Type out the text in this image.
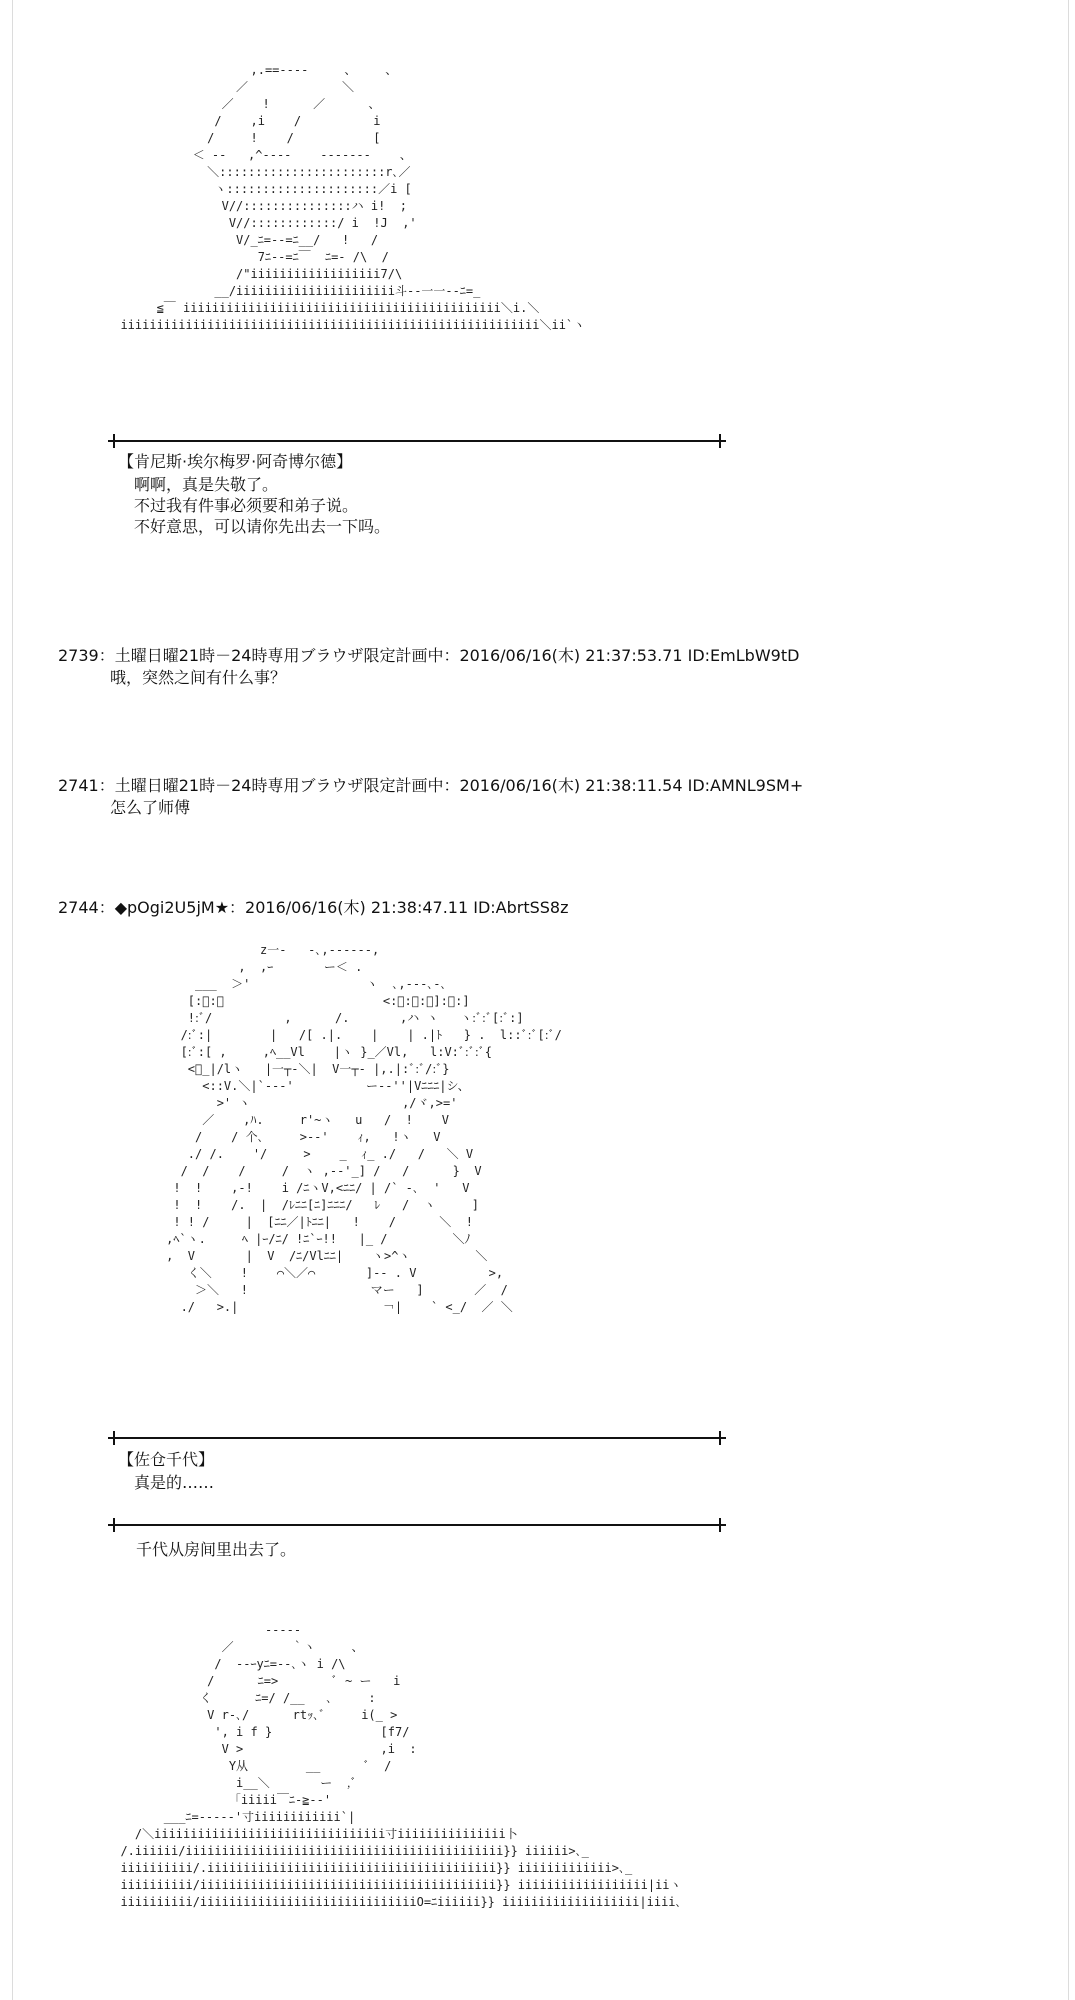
,.==----     、    、
／             ＼
／    !      ／      、
/    ,i    /          i
/     !    /           [
＜ --   ,^----    -------    、
＼:::::::::::::::::::::::r､／
ヽ:::::::::::::::::::::／i [
V//:::::::::::::::ハ i!  ;
V//::::::::::::/ i  !J  ,'
V/_ﾆ=--=ﾆ__/   !   /
7ﾆ--=ﾆ￣  ﾆ=- /\  /
/"iiiiiiiiiiiiiiiiii7/\
__/iiiiiiiiiiiiiiiiiiiiii斗--一一--ﾆ=_
≦￣ iiiiiiiiiiiiiiiiiiiiiiiiiiiiiiiiiiiiiiiiiiii＼i.＼
iiiiiiiiiiiiiiiiiiiiiiiiiiiiiiiiiiiiiiiiiiiiiiiiiiiiiiiiii＼ii`ヽ
【肯尼斯·埃尔梅罗·阿奇博尔德】
啊啊，真是失敬了。
不过我有件事必须要和弟子说。
不好意思，可以请你先出去一下吗。
2739：土曜日曜21時－24時専用ブラウザ限定計画中：2016/06/16(木) 21:37:53.71 ID:EmLbW9tD
哦，突然之间有什么事？
2741：土曜日曜21時－24時専用ブラウザ限定計画中：2016/06/16(木) 21:38:11.54 ID:AMNL9SM+
怎么了师傅
2744：◆pOgi2U5jM★：2016/06/16(木) 21:38:47.11 ID:AbrtSS8z
z一-   -､,------,
,  ,ｰ       ー＜ .
___  ＞'                ヽ  ､,---､-､
[:ﾞ:／                      <:ﾞ:ﾞ:ﾞ]:ﾞ:]
!:ﾞ/          ,      /.       ,ハ ヽ   ヽ:ﾞ:ﾞ[:ﾞ:]
/:ﾞ:|        |   /[ .|.    |    | .|ﾄ   } .  l::ﾞ:ﾞ[:ﾞ/
[:ﾞ:[ ,     ,ﾍ__Vl    |ヽ }_／Vl,   l:V:ﾞ:ﾞ:ﾞ{
<ﾞ_|/lヽ   |一┬‐＼|  V一┬‐ |,.|:ﾞ:ﾞ/:ﾞ}
<::V.＼|`---'          ー--''|Vﾆﾆﾆ|シ、
>' ヽ                     ,/ヾ,>='
／    ,ﾊ.     r'~ヽ   u   /  !    V
/    / 个､     >--'    ｨ,   !ヽ   V
./ /.    '/     >    _  ｨ_ ./   /   ＼ V
/  /    /     /  ヽ ,--'_] /   /      }  V
!  !    ,-!    i /ﾆヽV,<ﾆﾆ/ | /` -､  '   V
!  !    /.  |  /ﾚﾆﾆ[ﾆ]ﾆﾆﾆ/   ﾚ   /  ヽ     ]
! ! /     |  [ﾆﾆ／|ﾄﾆﾆ|   !    /      ＼  !
,ﾍ`ヽ.     ﾍ |ｰ/ﾆ/ !ﾆ`ｰ!!   |_ /         ＼ﾉ
,  V       |  V  /ﾆ/Vlﾆﾆ|    ヽ>^ヽ         ＼
く＼    !    ⌒＼／⌒       ]-- . V          >,
＞＼   !                 マー   ]       ／  /
./   >.|                    ￢|    ` <_/  ／ ＼
【佐仓千代】
真是的……
千代从房间里出去了。
-----
／        ｀ヽ     、
/  --ｰyﾆ=--､ヽ i /\
/      ﾆ=>        ﾞ ~ ー   i
く      ﾆ=/ /__   ､     :
V r-､/      rtｯ､ﾞ     i(_ >
', i f }               [f7/
V >                   ,i  :
Y从        __      ﾞ  /
i__＼       ー  ,ﾞ
「iiiii￣ﾆ-≧--'
___ﾆ=-----'寸iiiiiiiiiiii`|
/＼iiiiiiiiiiiiiiiiiiiiiiiiiiiiiiii寸iiiiiiiiiiiiiii卜
/.iiiiii/iiiiiiiiiiiiiiiiiiiiiiiiiiiiiiiiiiiiiiiiiiii}} iiiiii>､_
iiiiiiiiii/.iiiiiiiiiiiiiiiiiiiiiiiiiiiiiiiiiiiiiiii}} iiiiiiiiiiiii>､_
iiiiiiiiii/iiiiiiiiiiiiiiiiiiiiiiiiiiiiiiiiiiiiiiiii}} iiiiiiiiiiiiiiiiii|iiヽ
iiiiiiiiii/iiiiiiiiiiiiiiiiiiiiiiiiiiiiiiO=ﾆiiiiii}} iiiiiiiiiiiiiiiiiii|iiii､
